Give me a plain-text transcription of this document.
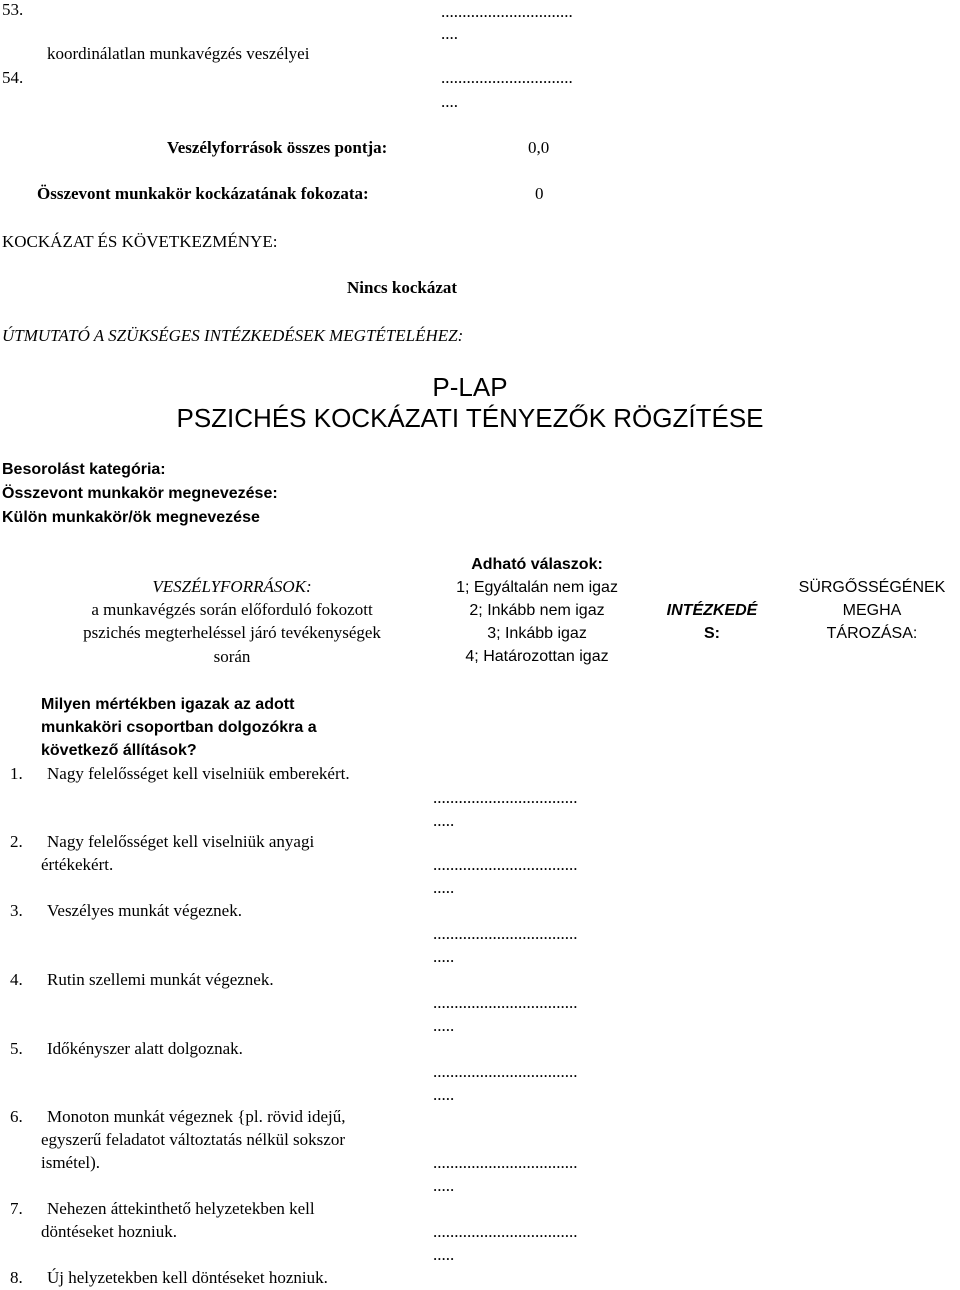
53.
koordinálatlan munkavégzés veszélyei
54.
...............................
....
...............................
....
Veszélyforrások összes pontja:	0,0
Összevont munkakör kockázatának fokozata:	0
KOCKÁZAT ÉS KÖVETKEZMÉNYE:
Nincs kockázat
ÚTMUTATÓ A SZÜKSÉGES INTÉZKEDÉSEK MEGTÉTELÉHEZ:
P-LAP
PSZICHÉS KOCKÁZATI TÉNYEZŐK RÖGZÍTÉSE
Besorolást kategória:
Összevont munkakör megnevezése:
Külön munkakör/ök megnevezése
VESZÉLYFORRÁSOK:
a munkavégzés során előforduló fokozott
pszichés megterheléssel járó tevékenységek
során
Adható válaszok:
1; Egyáltalán nem igaz
2; Inkább nem igaz
3; Inkább igaz
4; Határozottan igaz
INTÉZKEDÉ
S:
SÜRGŐSSÉGÉNEK
MEGHA
TÁROZÁSA:
Milyen mértékben igazak az adott
munkaköri csoportban dolgozókra a
következő állítások?
1. Nagy felelősséget kell viselniük emberekért.
2. Nagy felelősséget kell viselniük anyagi
értékekért.
3. Veszélyes munkát végeznek.
4. Rutin szellemi munkát végeznek.
5. Időkényszer alatt dolgoznak.
6. Monoton munkát végeznek {pl. rövid idejű,
egyszerű feladatot változtatás nélkül sokszor
ismétel).
7. Nehezen áttekinthető helyzetekben kell
döntéseket hozniuk.
8. Új helyzetekben kell döntéseket hozniuk.
..................................
.....
..................................
.....
..................................
.....
..................................
.....
..................................
.....
..................................
.....
..................................
.....
